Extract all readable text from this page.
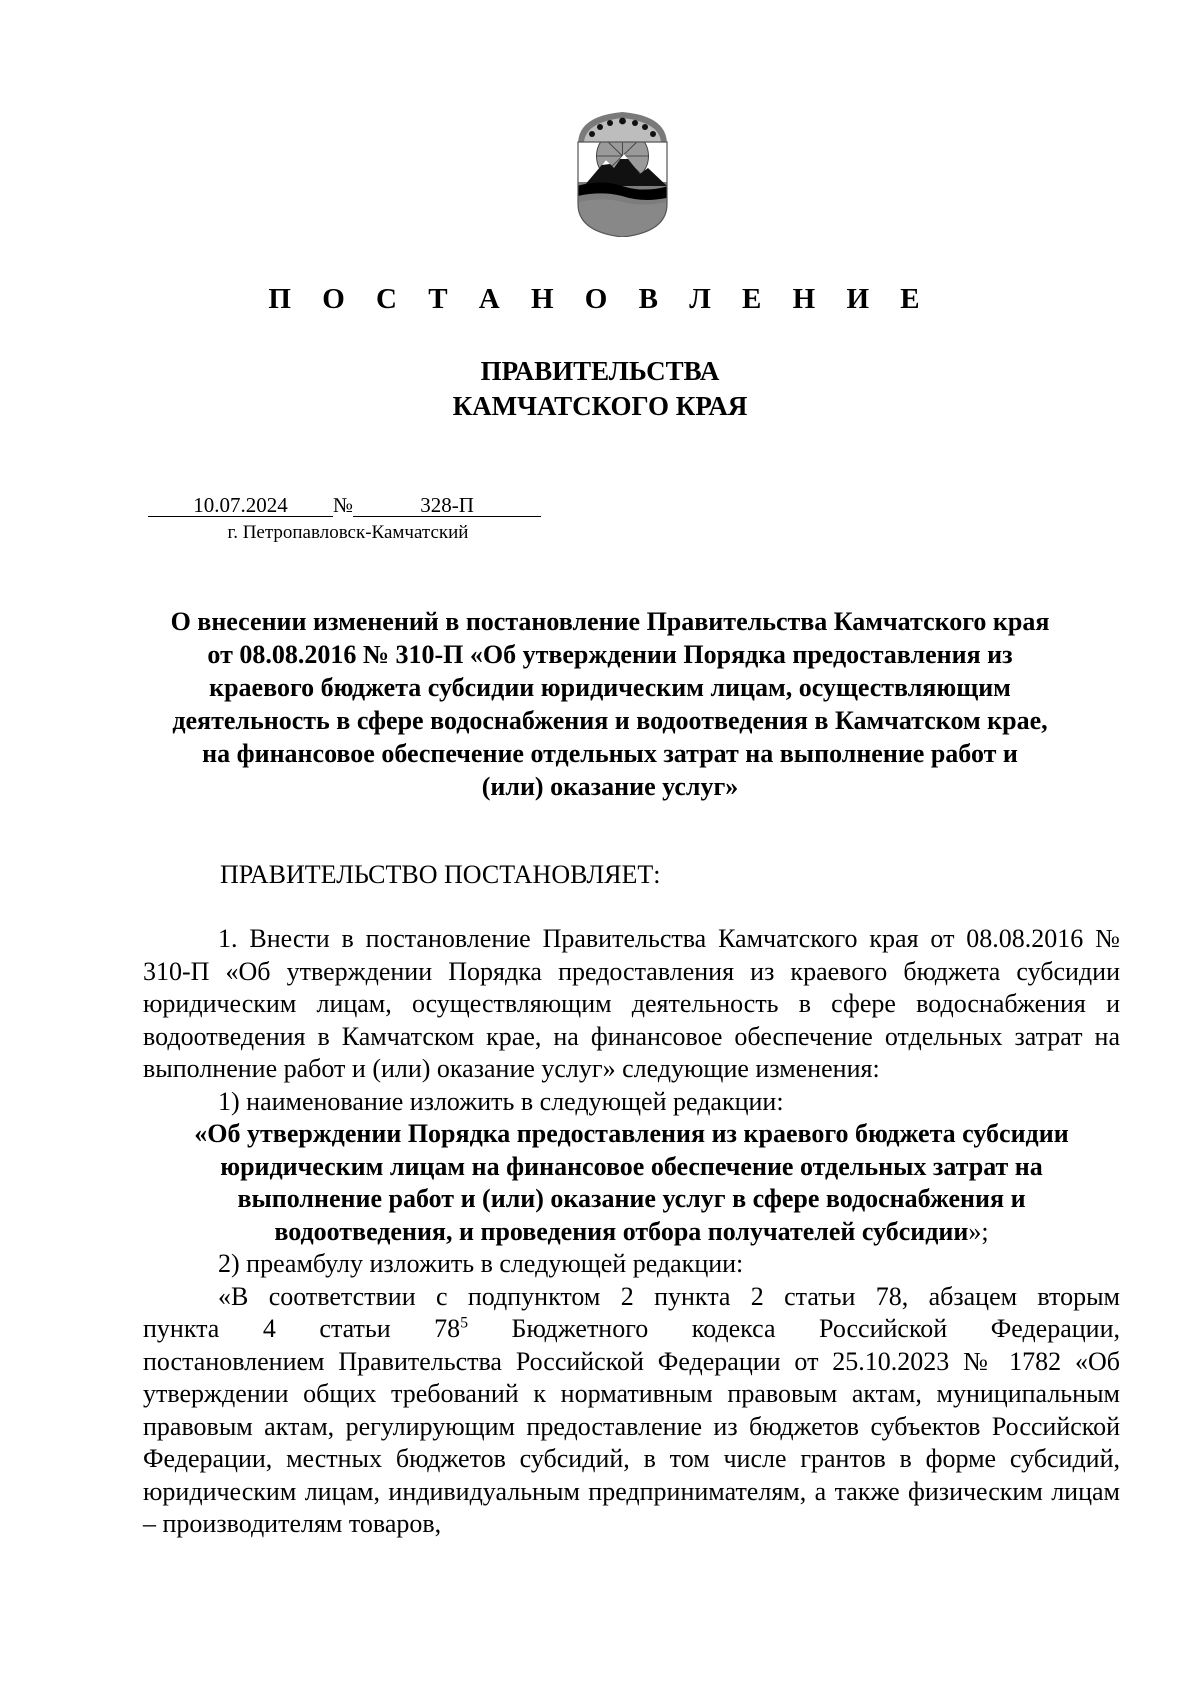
П О С Т А Н О В Л Е Н И Е
ПРАВИТЕЛЬСТВА
КАМЧАТСКОГО КРАЯ
10.07.2024 №	328-П
г. Петропавловск-Камчатский
О внесении изменений в постановление Правительства Камчатского края
от 08.08.2016 № 310-П «Об утверждении Порядка предоставления из
краевого бюджета субсидии юридическим лицам, осуществляющим
деятельность в сфере водоснабжения и водоотведения в Камчатском крае,
на финансовое обеспечение отдельных затрат на выполнение работ и
(или) оказание услуг»
ПРАВИТЕЛЬСТВО ПОСТАНОВЛЯЕТ:

1. Внести в постановление Правительства Камчатского края от 08.08.2016 № 310-П «Об утверждении Порядка предоставления из краевого бюджета субсидии юридическим лицам, осуществляющим деятельность в сфере водоснабжения и водоотведения в Камчатском крае, на финансовое обеспечение отдельных затрат на выполнение работ и (или) оказание услуг» следующие изменения:

1) наименование изложить в следующей редакции:

«Об утверждении Порядка предоставления из краевого бюджета субсидии
юридическим лицам на финансовое обеспечение отдельных затрат на
выполнение работ и (или) оказание услуг в сфере водоснабжения и
водоотведения, и проведения отбора получателей субсидии»;

2) преамбулу изложить в следующей редакции:

«В соответствии с подпунктом 2 пункта 2 статьи 78, абзацем вторым
пункта 4 статьи $78^5$ Бюджетного кодекса Российской Федерации,
постановлением Правительства Российской Федерации от 25.10.2023 № 1782 «Об утверждении общих требований к нормативным правовым актам, муниципальным правовым актам, регулирующим предоставление из бюджетов субъектов Российской Федерации, местных бюджетов субсидий, в том числе грантов в форме субсидий, юридическим лицам, индивидуальным предпринимателям, а также физическим лицам – производителям товаров,
